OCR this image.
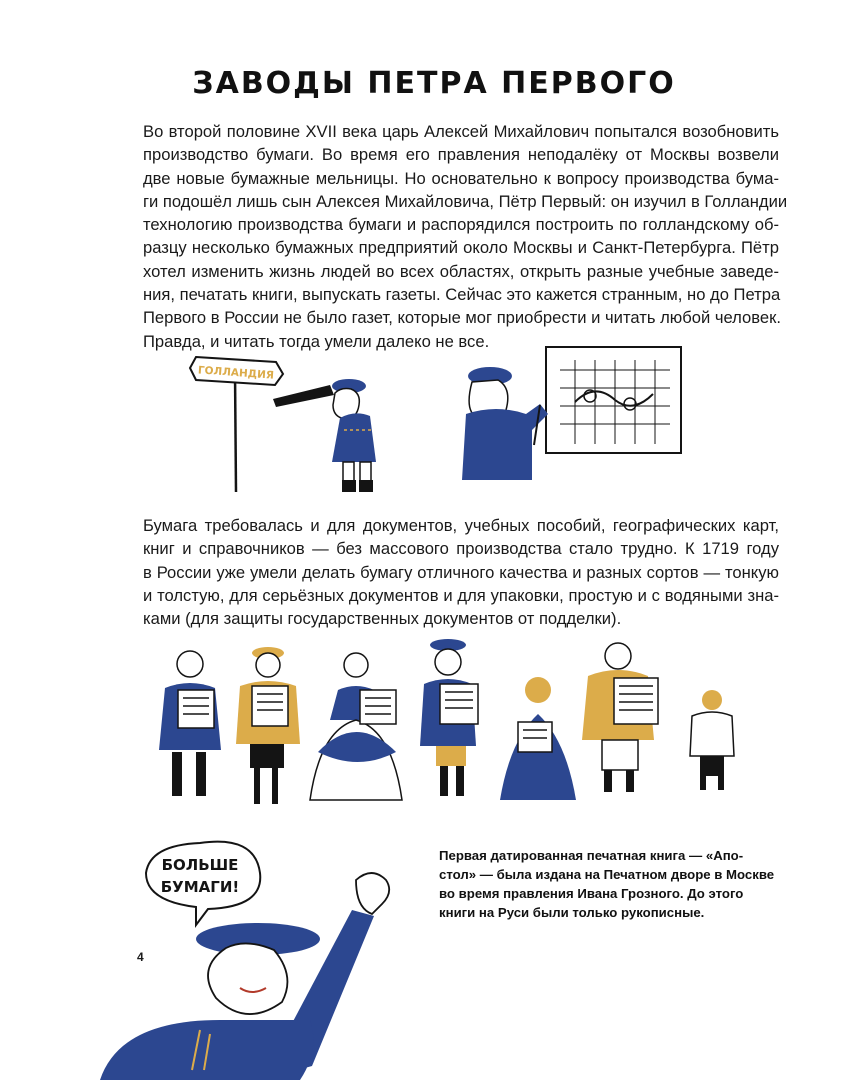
ЗАВОДЫ ПЕТРА ПЕРВОГО
Во второй половине XVII века царь Алексей Михайлович попытался возобновить
производство бумаги. Во время его правления неподалёку от Москвы возвели
две новые бумажные мельницы. Но основательно к вопросу производства бума-
ги подошёл лишь сын Алексея Михайловича, Пётр Первый: он изучил в Голландии
технологию производства бумаги и распорядился построить по голландскому об-
разцу несколько бумажных предприятий около Москвы и Санкт-Петербурга. Пётр
хотел изменить жизнь людей во всех областях, открыть разные учебные заведе-
ния, печатать книги, выпускать газеты. Сейчас это кажется странным, но до Петра
Первого в России не было газет, которые мог приобрести и читать любой человек.
Правда, и читать тогда умели далеко не все.
ГОЛЛАНДИЯ
БОЛЬШЕ
БУМАГИ!
Бумага требовалась и для документов, учебных пособий, географических карт,
книг и справочников — без массового производства стало трудно. К 1719 году
в России уже умели делать бумагу отличного качества и разных сортов — тонкую
и толстую, для серьёзных документов и для упаковки, простую и с водяными зна-
ками (для защиты государственных документов от подделки).
Первая датированная печатная книга — «Апо-
стол» — была издана на Печатном дворе в Москве
во время правления Ивана Грозного. До этого
книги на Руси были только рукописные.
4
